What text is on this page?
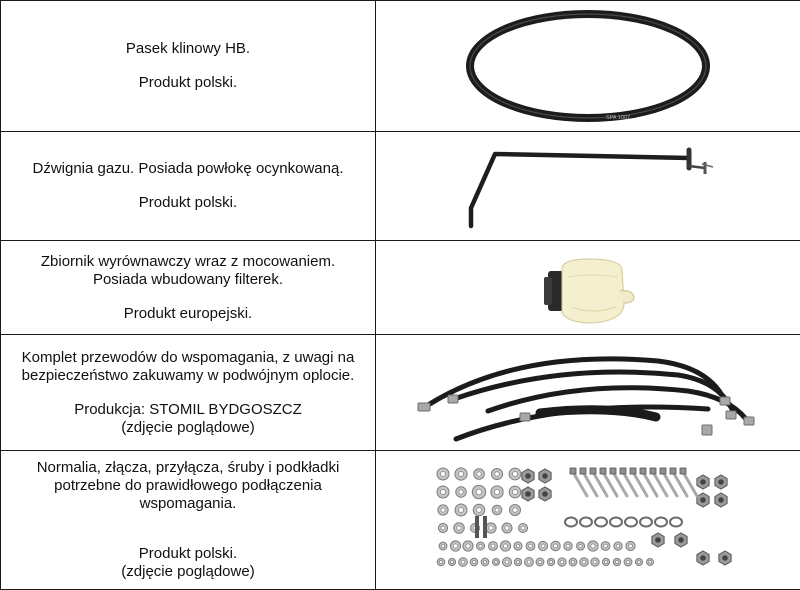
Pasek klinowy HB.

Produkt polski.	SPA 1007

Dźwignia gazu. Posiada powłokę ocynkowaną.

Produkt polski.

Zbiornik wyrównawczy wraz z mocowaniem.
Posiada wbudowany filterek.

Produkt europejski.

Komplet przewodów do wspomagania, z uwagi na
bezpieczeństwo zakuwamy w podwójnym oplocie.

Produkcja: STOMIL BYDGOSZCZ
(zdjęcie poglądowe)

Normalia, złącza, przyłącza, śruby i podkładki
potrzebne do prawidłowego podłączenia
wspomagania.

Produkt polski.
(zdjęcie poglądowe)
